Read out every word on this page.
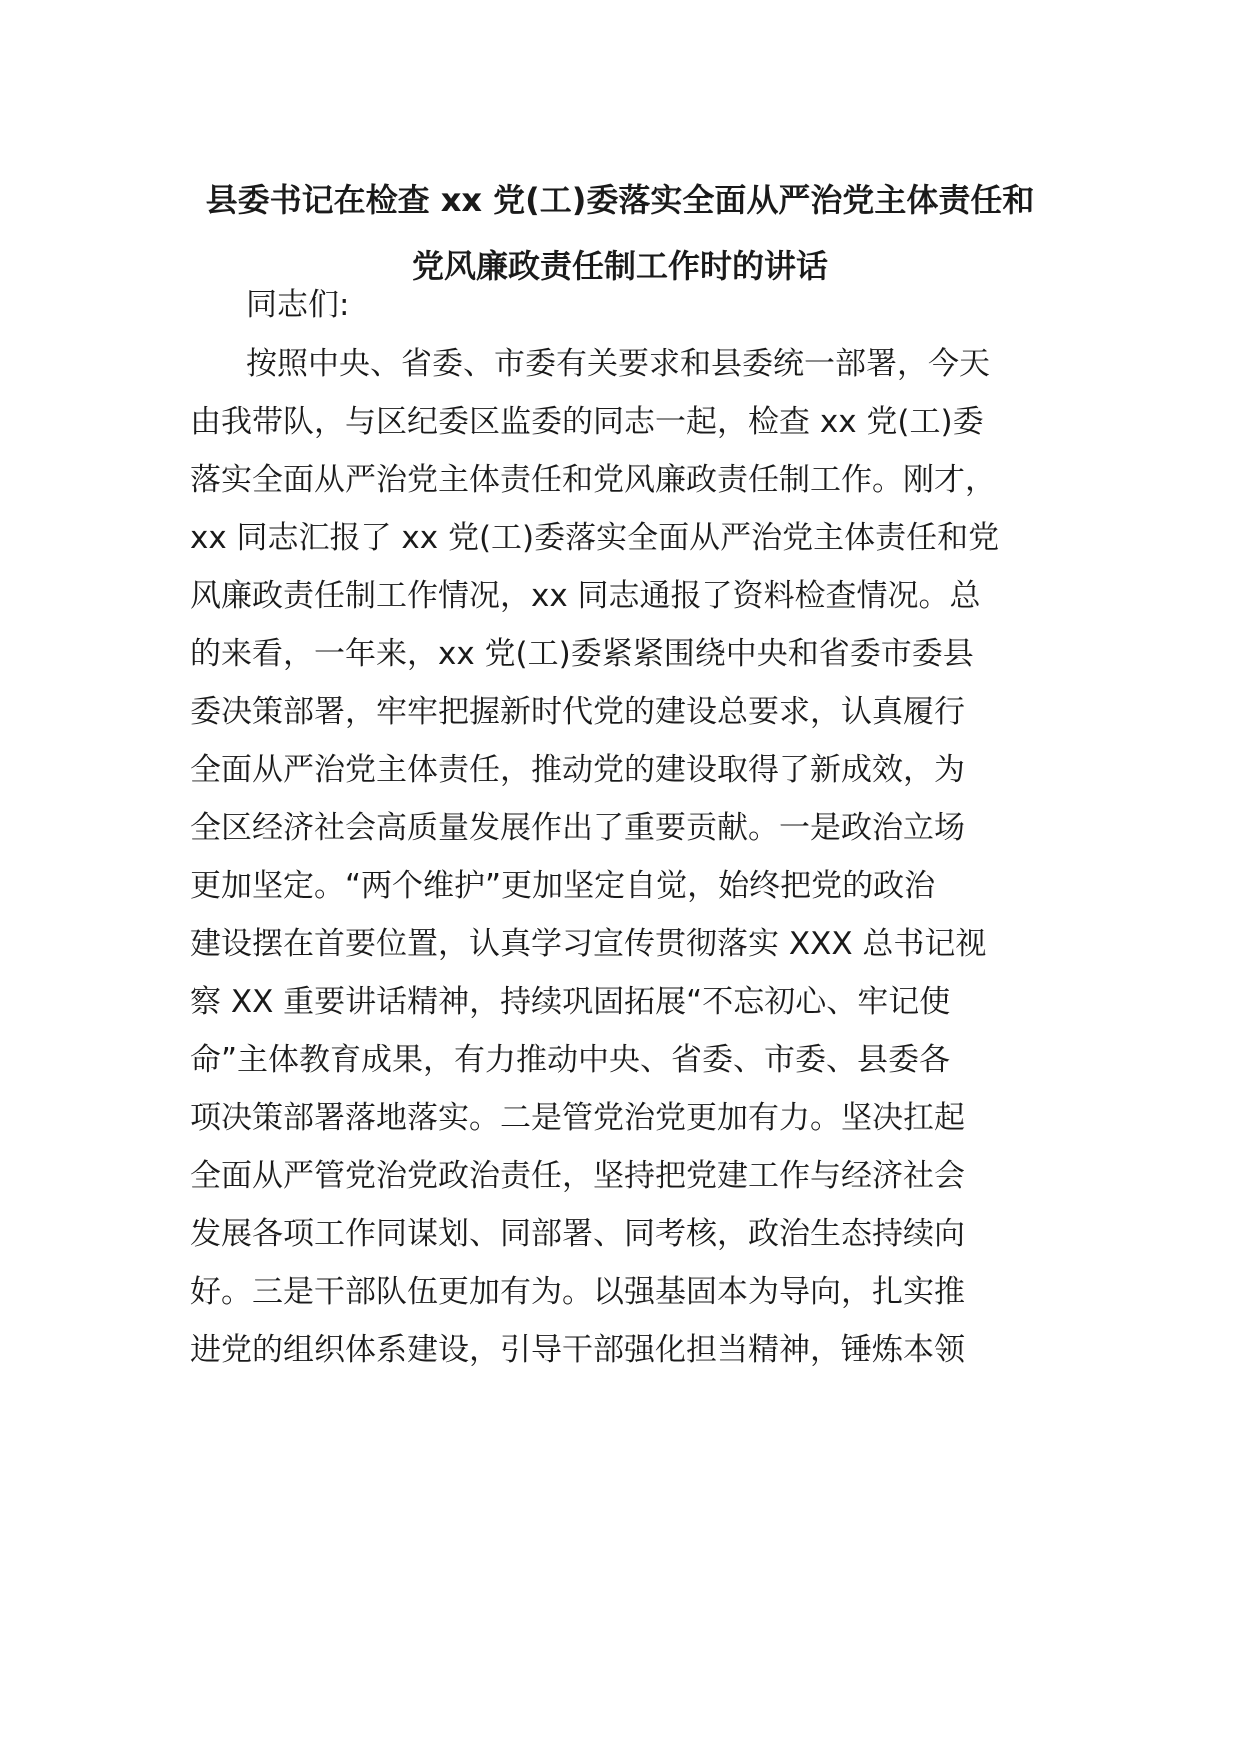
县委书记在检查 xx 党(工)委落实全面从严治党主体责任和
党风廉政责任制工作时的讲话
同志们:
按照中央、省委、市委有关要求和县委统一部署，今天
由我带队，与区纪委区监委的同志一起，检查 xx 党(工)委
落实全面从严治党主体责任和党风廉政责任制工作。刚才，
xx 同志汇报了 xx 党(工)委落实全面从严治党主体责任和党
风廉政责任制工作情况，xx 同志通报了资料检查情况。总
的来看，一年来，xx 党(工)委紧紧围绕中央和省委市委县
委决策部署，牢牢把握新时代党的建设总要求，认真履行
全面从严治党主体责任，推动党的建设取得了新成效，为
全区经济社会高质量发展作出了重要贡献。一是政治立场
更加坚定。“两个维护”更加坚定自觉，始终把党的政治
建设摆在首要位置，认真学习宣传贯彻落实 XXX 总书记视
察 XX 重要讲话精神，持续巩固拓展“不忘初心、牢记使
命”主体教育成果，有力推动中央、省委、市委、县委各
项决策部署落地落实。二是管党治党更加有力。坚决扛起
全面从严管党治党政治责任，坚持把党建工作与经济社会
发展各项工作同谋划、同部署、同考核，政治生态持续向
好。三是干部队伍更加有为。以强基固本为导向，扎实推
进党的组织体系建设，引导干部强化担当精神，锤炼本领
